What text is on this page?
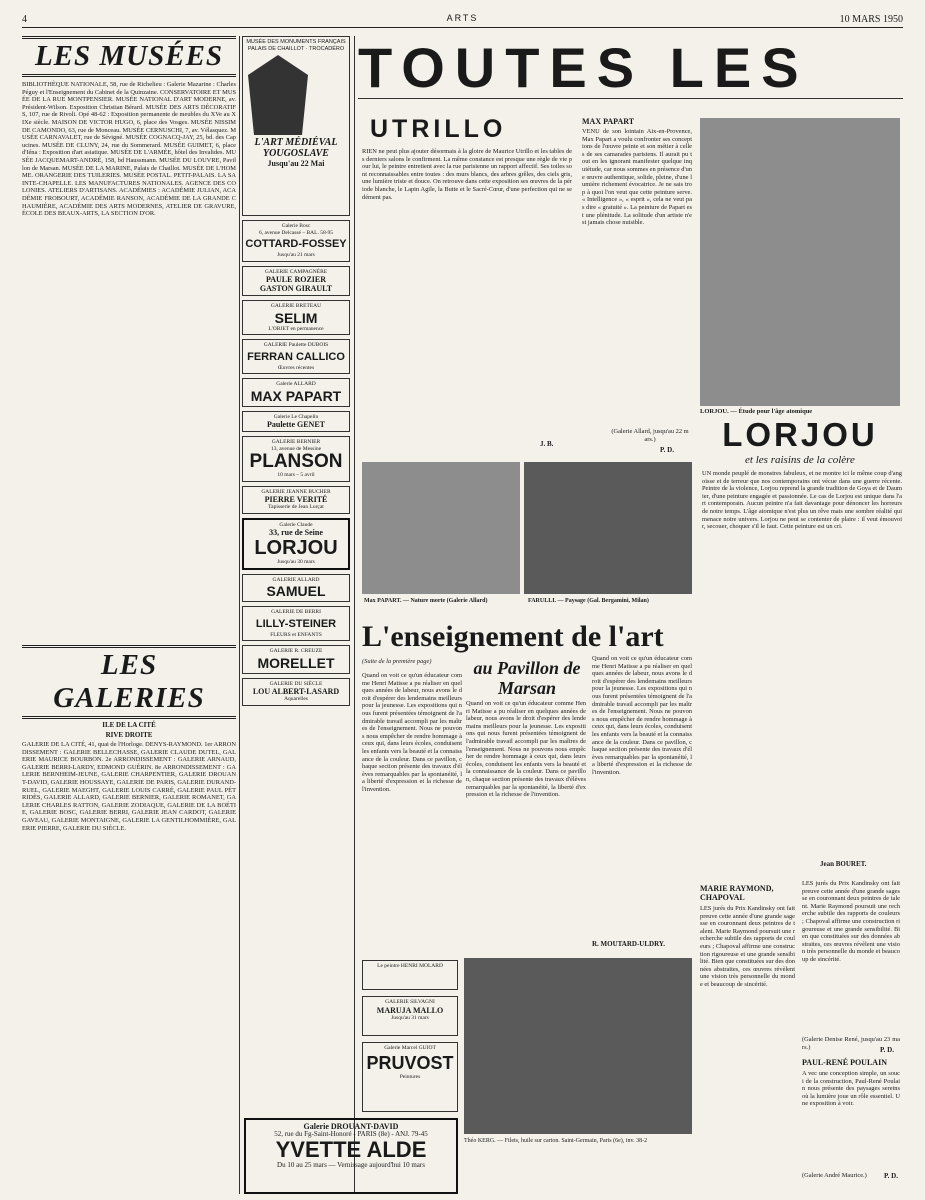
4	ARTS	10 MARS 1950
LES MUSÉES
BIBLIOTHÈQUE NATIONALE, 58, rue de Richelieu : Galerie Mazarine : Charles Péguy et l'Enseignement du Cabinet de la Quinzaine. CONSERVATOIRE ET MUSÉE DE LA RUE MONTPENSIER. MUSÉE NATIONAL D'ART MODERNE, av. Président-Wilson. Exposition Christian Bérard. MUSÉE DES ARTS DÉCORATIFS, 107, rue de Rivoli. Opé 48-62 : Exposition permanente de meubles du XVe au XIXe siècle. MAISON DE VICTOR HUGO, 6, place des Vosges. MUSÉE NISSIM DE CAMONDO, 63, rue de Monceau. MUSÉE CERNUSCHI, 7, av. Vélasquez. MUSÉE CARNAVALET, rue de Sévigné. MUSÉE COGNACQ-JAY, 25, bd. des Capucines. MUSÉE DE CLUNY, 24, rue du Sommerard. MUSÉE GUIMET, 6, place d'Iéna : Exposition d'art asiatique. MUSÉE DE L'ARMÉE, hôtel des Invalides. MUSÉE JACQUEMART-ANDRÉ, 158, bd Haussmann. MUSÉE DU LOUVRE, Pavillon de Marsan. MUSÉE DE LA MARINE, Palais de Chaillot. MUSÉE DE L'HOMME. ORANGERIE DES TUILERIES. MUSÉE POSTAL. PETIT-PALAIS. LA SAINTE-CHAPELLE. LES MANUFACTURES NATIONALES. AGENCE DES COLONIES. ATELIERS D'ARTISANS. ACADÉMIES : ACADÉMIE JULIAN, ACADÉMIE FROBOURT, ACADÉMIE RANSON, ACADÉMIE DE LA GRANDE CHAUMIÈRE, ACADÉMIE DES ARTS MODERNES, ATELIER DE GRAVURE, ÉCOLE DES BEAUX-ARTS, LA SECTION D'OR.
LES GALERIES
ILE DE LA CITÉ
RIVE DROITE
GALERIE DE LA CITÉ, 41, quai de l'Horloge. DENYS-RAYMOND. 1er ARRONDISSEMENT : GALERIE BELLECHASSE, GALERIE CLAUDE DUTEL, GALERIE MAURICE BOURBON. 2e ARRONDISSEMENT : GALERIE ARNAUD, GALERIE BERRI-LARDY, EDMOND GUÉRIN. 8e ARRONDISSEMENT : GALERIE BERNHEIM-JEUNE, GALERIE CHARPENTIER, GALERIE DROUANT-DAVID, GALERIE HOUSSAYE, GALERIE DE PARIS, GALERIE DURAND-RUEL, GALERIE MAEGHT, GALERIE LOUIS CARRÉ, GALERIE PAUL PÉTRIDÈS, GALERIE ALLARD, GALERIE BERNIER, GALERIE ROMANET, GALERIE CHARLES RATTON, GALERIE ZODIAQUE, GALERIE DE LA BOÉTIE, GALERIE BOSC, GALERIE BERRI, GALERIE JEAN CARDOT, GALERIE GAVEAU, GALERIE MONTAIGNE, GALERIE LA GENTILHOMMIÈRE, GALERIE PIERRE, GALERIE DU SIÈCLE.
MUSÉE DES MONUMENTS FRANÇAIS PALAIS DE CHAILLOT · TROCADÉRO
L'ART MÉDIÉVAL YOUGOSLAVE
Jusqu'au 22 Mai
Galerie Bosc
6, avenue Delcassé – BAL. 58-95
COTTARD-FOSSEY
Jusqu'au 21 mars
GALERIE CAMPAGNÈRE
PAULE ROZIER
GASTON GIRAULT
GALERIE BRETEAU
SELIM
L'OBJET en permanence
GALERIE Paulette DUBOIS
FERRAN CALLICO
Œuvres récentes
Galerie ALLARD
MAX PAPART
Galerie Le Chapelin
Paulette GENET
GALERIE BERNIER
13, avenue de Messine
PLANSON
10 mars – 5 avril
GALERIE JEANNE BUCHER
PIERRE VERITÉ
Tapisserie de Jean Lurçat
Galerie Claude
33, rue de Seine
LORJOU
Jusqu'au 30 mars
GALERIE ALLARD
SAMUEL
GALERIE DE BERRI
LILLY-STEINER
FLEURS et ENFANTS
GALERIE R. CREUZE
MORELLET
GALERIE DU SIÈCLE
LOU ALBERT-LASARD
Aquarelles
TOUTES LES
UTRILLO
RIEN ne peut plus ajouter désormais à la gloire de Maurice Utrillo et les tables des derniers salons le confirment. La même constance est presque une règle de vie pour lui, le peintre entretient avec la rue parisienne un rapport affectif. Ses toiles sont reconnaissables entre toutes : des murs blancs, des arbres grêles, des ciels gris, une lumière triste et douce. On retrouve dans cette exposition ses œuvres de la période blanche, le Lapin Agile, la Butte et le Sacré-Cœur, d'une perfection qui ne se dément pas.
J. B.
MAX PAPART
VENU de son lointain Aix-en-Provence, Max Papart a voulu confronter ses conceptions de l'œuvre peinte et son métier à celles de ses camarades parisiens. Il aurait pu tout en les ignorant manifester quelque inquiétude, car nous sommes en présence d'une œuvre authentique, solide, pleine, d'une lumière richement évocatrice. Je ne sais trop à quoi l'on veut que cette peinture serve. « Intelligence », « esprit », cela ne veut pas dire « gratuité ». La peinture de Papart est une plénitude. La solitude d'un artiste n'est jamais chose nuisible.
(Galerie Allard, jusqu'au 22 mars.)
P. D.
LORJOU. — Étude pour l'âge atomique
LORJOU
et les raisins de la colère
UN monde peuplé de monstres fabuleux, et ne montre ici le même coup d'angoisse et de terreur que nos contemporains ont vécue dans une guerre récente. Peintre de la violence, Lorjou reprend la grande tradition de Goya et de Daumier, d'une peinture engagée et passionnée. Le cas de Lorjou est unique dans l'art contemporain. Aucun peintre n'a fait davantage pour dénoncer les horreurs de notre temps. L'âge atomique n'est plus un rêve mais une sombre réalité qui menace notre univers. Lorjou ne peut se contenter de plaire : il veut émouvoir, secouer, choquer s'il le faut. Cette peinture est un cri.
Jean BOURET.
Max PAPART. — Nature morte (Galerie Allard)	FARULLI. — Paysage (Gal. Bergamini, Milan)
L'enseignement de l'art
au Pavillon de Marsan
(Suite de la première page)
Quand on voit ce qu'un éducateur comme Henri Matisse a pu réaliser en quelques années de labeur, nous avons le droit d'espérer des lendemains meilleurs pour la jeunesse. Les expositions qui nous furent présentées témoignent de l'admirable travail accompli par les maîtres de l'enseignement. Nous ne pouvons nous empêcher de rendre hommage à ceux qui, dans leurs écoles, conduisent les enfants vers la beauté et la connaissance de la couleur. Dans ce pavillon, chaque section présente des travaux d'élèves remarquables par la spontanéité, la liberté d'expression et la richesse de l'invention.
Quand on voit ce qu'un éducateur comme Henri Matisse a pu réaliser en quelques années de labeur, nous avons le droit d'espérer des lendemains meilleurs pour la jeunesse. Les expositions qui nous furent présentées témoignent de l'admirable travail accompli par les maîtres de l'enseignement. Nous ne pouvons nous empêcher de rendre hommage à ceux qui, dans leurs écoles, conduisent les enfants vers la beauté et la connaissance de la couleur. Dans ce pavillon, chaque section présente des travaux d'élèves remarquables par la spontanéité, la liberté d'expression et la richesse de l'invention.
Quand on voit ce qu'un éducateur comme Henri Matisse a pu réaliser en quelques années de labeur, nous avons le droit d'espérer des lendemains meilleurs pour la jeunesse. Les expositions qui nous furent présentées témoignent de l'admirable travail accompli par les maîtres de l'enseignement. Nous ne pouvons nous empêcher de rendre hommage à ceux qui, dans leurs écoles, conduisent les enfants vers la beauté et la connaissance de la couleur. Dans ce pavillon, chaque section présente des travaux d'élèves remarquables par la spontanéité, la liberté d'expression et la richesse de l'invention.
R. MOUTARD-ULDRY.
Théo KERG. — Filets, huile sur carton. Saint-Germain, Paris (6e), inv. 38-2
Le peintre HENRI MOLARD
GALERIE SILVAGNI
MARUJA MALLO
Jusqu'au 31 mars
Galerie Marcel GUIOT
PRUVOST
Peintures
Galerie DROUANT-DAVID
52, rue du Fg-Saint-Honoré - PARIS (8e) - ANJ. 79-45
YVETTE ALDE
Du 10 au 25 mars — Vernissage aujourd'hui 10 mars
MARIE RAYMOND, CHAPOVAL
LES jurés du Prix Kandinsky ont fait preuve cette année d'une grande sagesse en couronnant deux peintres de talent. Marie Raymond poursuit une recherche subtile des rapports de couleurs ; Chapoval affirme une construction rigoureuse et une grande sensibilité. Bien que constituées sur des données abstraites, ces œuvres révèlent une vision très personnelle du monde et beaucoup de sincérité.
LES jurés du Prix Kandinsky ont fait preuve cette année d'une grande sagesse en couronnant deux peintres de talent. Marie Raymond poursuit une recherche subtile des rapports de couleurs ; Chapoval affirme une construction rigoureuse et une grande sensibilité. Bien que constituées sur des données abstraites, ces œuvres révèlent une vision très personnelle du monde et beaucoup de sincérité.
(Galerie Denise René, jusqu'au 23 mars.)	P. D.
PAUL-RENÉ POULAIN
A vec une conception simple, un souci de la construction, Paul-René Poulain nous présente des paysages sereins où la lumière joue un rôle essentiel. Une exposition à voir.
(Galerie André Maurice.)	P. D.
